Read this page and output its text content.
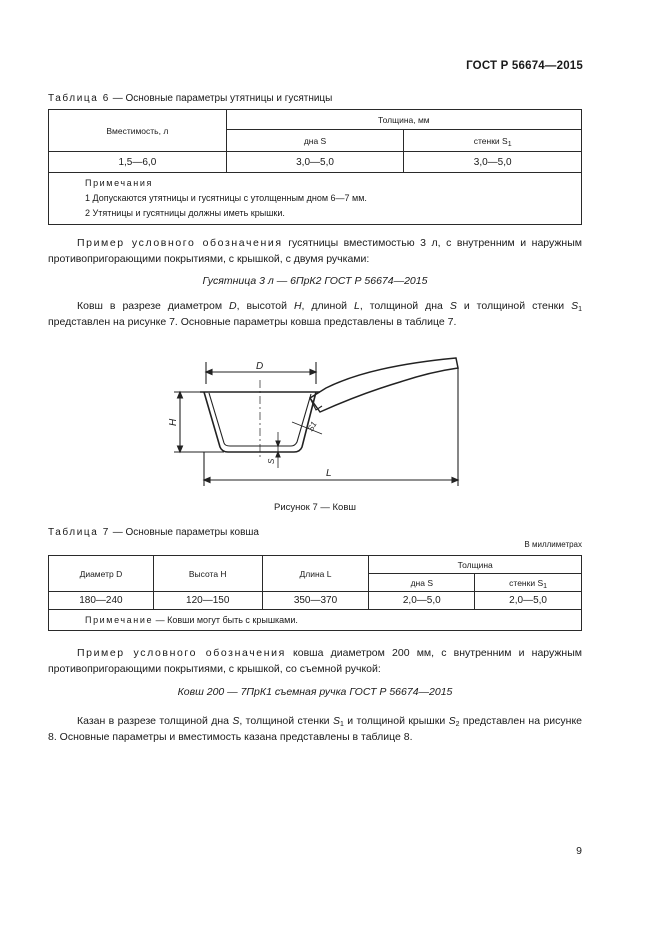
ГОСТ Р 56674—2015
Таблица 6 — Основные параметры утятницы и гусятницы
Вместимость, л	Толщина, мм	
	дна S	стенки $S_1$
1,5—6,0	3,0—5,0	3,0—5,0

Примечания
1 Допускаются утятницы и гусятницы с утолщенным дном 6—7 мм.
2 Утятницы и гусятницы должны иметь крышки.		
Пример условного обозначения гусятницы вместимостью 3 л, с внутренним и наружным противопригорающими покрытиями, с крышкой, с двумя ручками:
Гусятница 3 л — 6ПрК2 ГОСТ Р 56674—2015
Ковш в разрезе диаметром D, высотой H, длиной L, толщиной дна S и толщиной стенки $S_1$ представлен на рисунке 7. Основные параметры ковша представлены в таблице 7.
D
H
L
S
S1
Рисунок 7 — Ковш
Таблица 7 — Основные параметры ковша
В миллиметрах
Диаметр D	Высота H	Длина L	Толщина	
			дна S	стенки $S_1$
180—240	120—150	350—370	2,0—5,0	2,0—5,0
Примечание — Ковши могут быть с крышками.				
Пример условного обозначения ковша диаметром 200 мм, с внутренним и наружным противопригорающими покрытиями, с крышкой, со съемной ручкой:
Ковш 200 — 7ПрК1 съемная ручка ГОСТ Р 56674—2015
Казан в разрезе толщиной дна S, толщиной стенки $S_1$ и толщиной крышки $S_2$ представлен на рисунке 8. Основные параметры и вместимость казана представлены в таблице 8.
9
